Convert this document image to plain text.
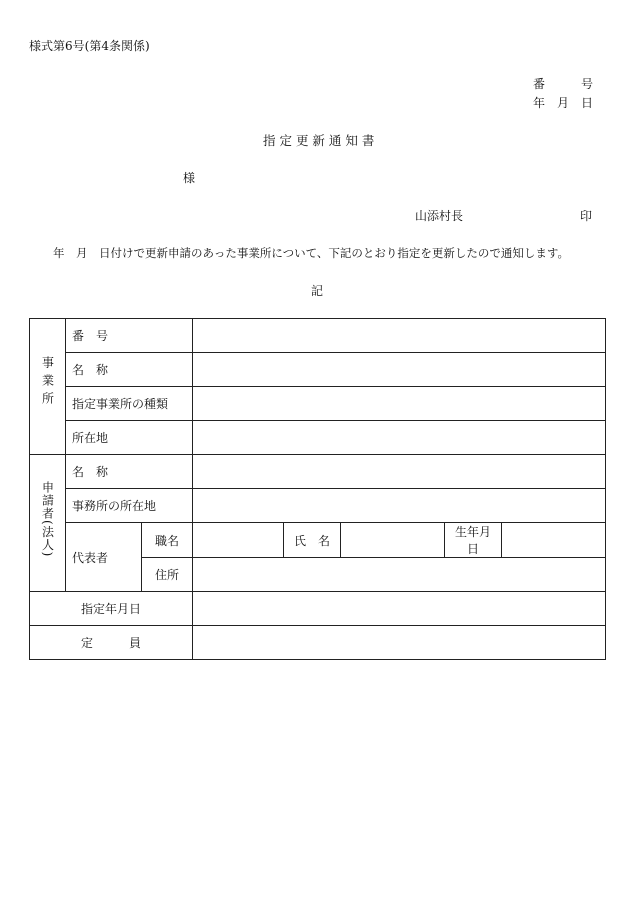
様式第6号(第4条関係)
番　　　号
年　月　日
指 定 更 新 通 知 書
様
山添村長	印
年　月　日付けで更新申請のあった事業所について、下記のとおり指定を更新したので通知します。
記
事業所	番　号						
	名　称						
	指定事業所の種類						
	所在地						
申請者(法人)	名　称						
	事務所の所在地						
	代表者	職名		氏　名		生年月日	
		住所					
指定年月日							
定　　　員							
